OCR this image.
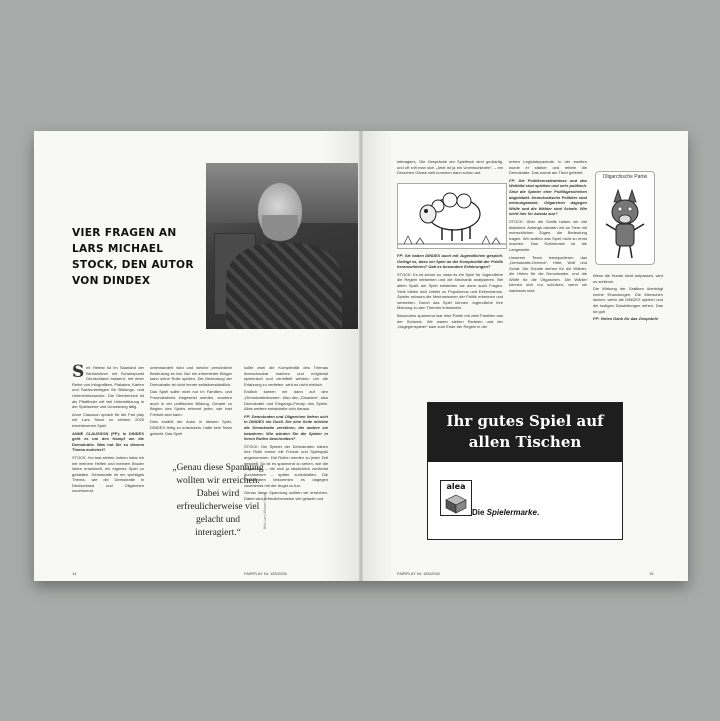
VIER FRAGEN AN LARS MICHAEL STOCK, DEN AUTOR VON DINDEX

Seit Herbst ist im Saarland der Bruttolohner mit Schwerpunkt Deutschland bekannt, mit einer Reihe von Infografiken, Plakaten, Karten und Sachunterlagen für Bildungs- und Unterrichtszwecke. Die Oberbereich ist als Pfadfinder mit viel Unterstützung in der Spielszene und Umsetzung tätig.

Anne Clausson sprach für die Fair play mit Lars Stock zu seinem 2025 erschienenen Spiel.

ANNE CLAUSSON (FP): In DINDEX geht es um den Kampf um die Demokratie. Was hat Sie zu diesem Thema motiviert?

STOCK: Vor fast sieben Jahren habe ich mit meinem Helfen und meinem Bruder Ideen entwickelt, ein eigenes Spiel zu gestalten. Demokratie ist ein wichtiges Thema, wie die Demokratie in Deutschland und Oligarchen zunehmend.

unterwandert wird und welche persönliche Bedeutung es hat. Nur ein informierter Bürger kann seine Rolle spielen. Die Bedeutung der Demokratie ist nicht immer selbstverständlich.

Das Spiel sollte nicht nur im Familien- und Freundeskreis eingesetzt werden, sondern auch in der politischen Bildung. Gerade zu Beginn des Spiels erkennt jeder, wie hart Freiheit sein kann.

Dies erzählt der Autor in diesem Spiel, DINDEX fertig zu entwickeln, hatte sein Team gelacht. Das Spiel

„Genau diese Spannung wollten wir erreichen. Dabei wird erfreulicherweise viel gelacht und interagiert.“

sollte zwei die Komplexität des Themas überschaubar machen und möglichst spielerisch und vermittelt werden. Um die Erfahrung zu vertiefen, wird es nicht einfach.

Endlich kamen wir dann auf den „Demokratiedramen“. Also den „Dinadem“, also Demokratie und Eingangs-Prinzip des Spiels. Alles weitere entwickelte sich daraus.

FP: Demokraten und Oligarchen liefern sich in DINDEX ein Duell. Die eine Seite möchte die Demokratie zerstören, die andere sie bewahren. Wie würden Sie die Spieler in ihrem Rollen beschreiben?

STOCK: Die Spieler der Demokraten haben ihre Rolle immer mit Freude und Spielspaß angenommen. Die Rollen werden zu jeder Zeit gespielt. So ist es spannend zu sehen, wie die Oligarchen – die sich ja tatsächlich zunächst durchsetzen – später zurückfallen. Die Demokraten bekommen es dagegen zusehends mit der Angst zu tun.

Genau diese Spannung wollten wir erreichen. Dabei wird erfreulicherweise viel gelacht und

Bild: Lars Michael Stock
14	FAIRPLAY Nr. 155/2026

interagiert„. Die Gespräche am Spieltisch sind großartig, und oft ruft man sich „Jetzt ist ja ein Unentschieden“, – ein Dreschen Gänse weit kommen dann schon auf.

FP: Sie haben DINDEX auch mit Jugendlichen gespielt. Gelingt es, dass ein Spiel an die Komplexität der Politik heranzuführen? Gab es besondere Erfahrungen?

STOCK: Es ist schon so, dass es ein Spiel für Jugendliche die Regeln verstehen und die Mechanik analysieren. Bei allem Spaß am Spiel entstehen sie dann auch Fragen. Viele bilden sich Urteile zu Populismus und Extremismus. Spieler müssen die Mechanismen der Politik erkennen und verstehen. Durch das Spiel können Jugendliche ihre Meinung zu den Themen entwickeln.

Besonders spannend war eine Partie mit zwei Familien aus der Schweiz. Wir waren sieben Parteien und der „Dagegenspieler“ kam zum Ende der Regeln in der

ersten Legislaturperiode. In der zweiten wurde er stärker und rettete die Demokratie. Das wurde am Tisch gefeiert.

FP: Die Politikverständnisse und das Weltbild sind spielbar und sehr politisch. Sind die Spieler eher Politikgeschehen abgebildet. Demokratische Politiker sind meinungsstark, Oligarchen dagegen Wölfe und die Wähler sind Schafe. Wie sieht hier Ihr Ansatz aus?

STOCK: Über die Grafik haben wir viel diskutiert. Anfangs dachten wir an Tiere mit menschlichen Zügen, die Bedeutung tragen. Wir wollten das Spiel nicht zu ernst machen. Das Schlimmste ist die Langeweile.

Unserem Team transportieren das „Demokratie-Dreieck“: Hirte, Wolf und Schaf. Die Schafe stehen für die Wähler, die Hirten für die Demokraten, und die Wölfe für die Oligarchen. Die Wähler können sich nur schützen, wenn sie wachsam sind.

Oligarchische Partei

Wenn die Hunde nicht aufpassen, wird es schlimm.

Die Wirkung der Grafiken überträgt meine Erwartungen. Die Menschen lachen, wenn die DINDEX spielen und die lustigen Darstellungen sehen. Das tut gut!

FP: Vielen Dank für das Gespräch!

Ihr gutes Spiel auf allen Tischen
alea
Die Spielermarke.
FAIRPLAY Nr. 155/2026	15
